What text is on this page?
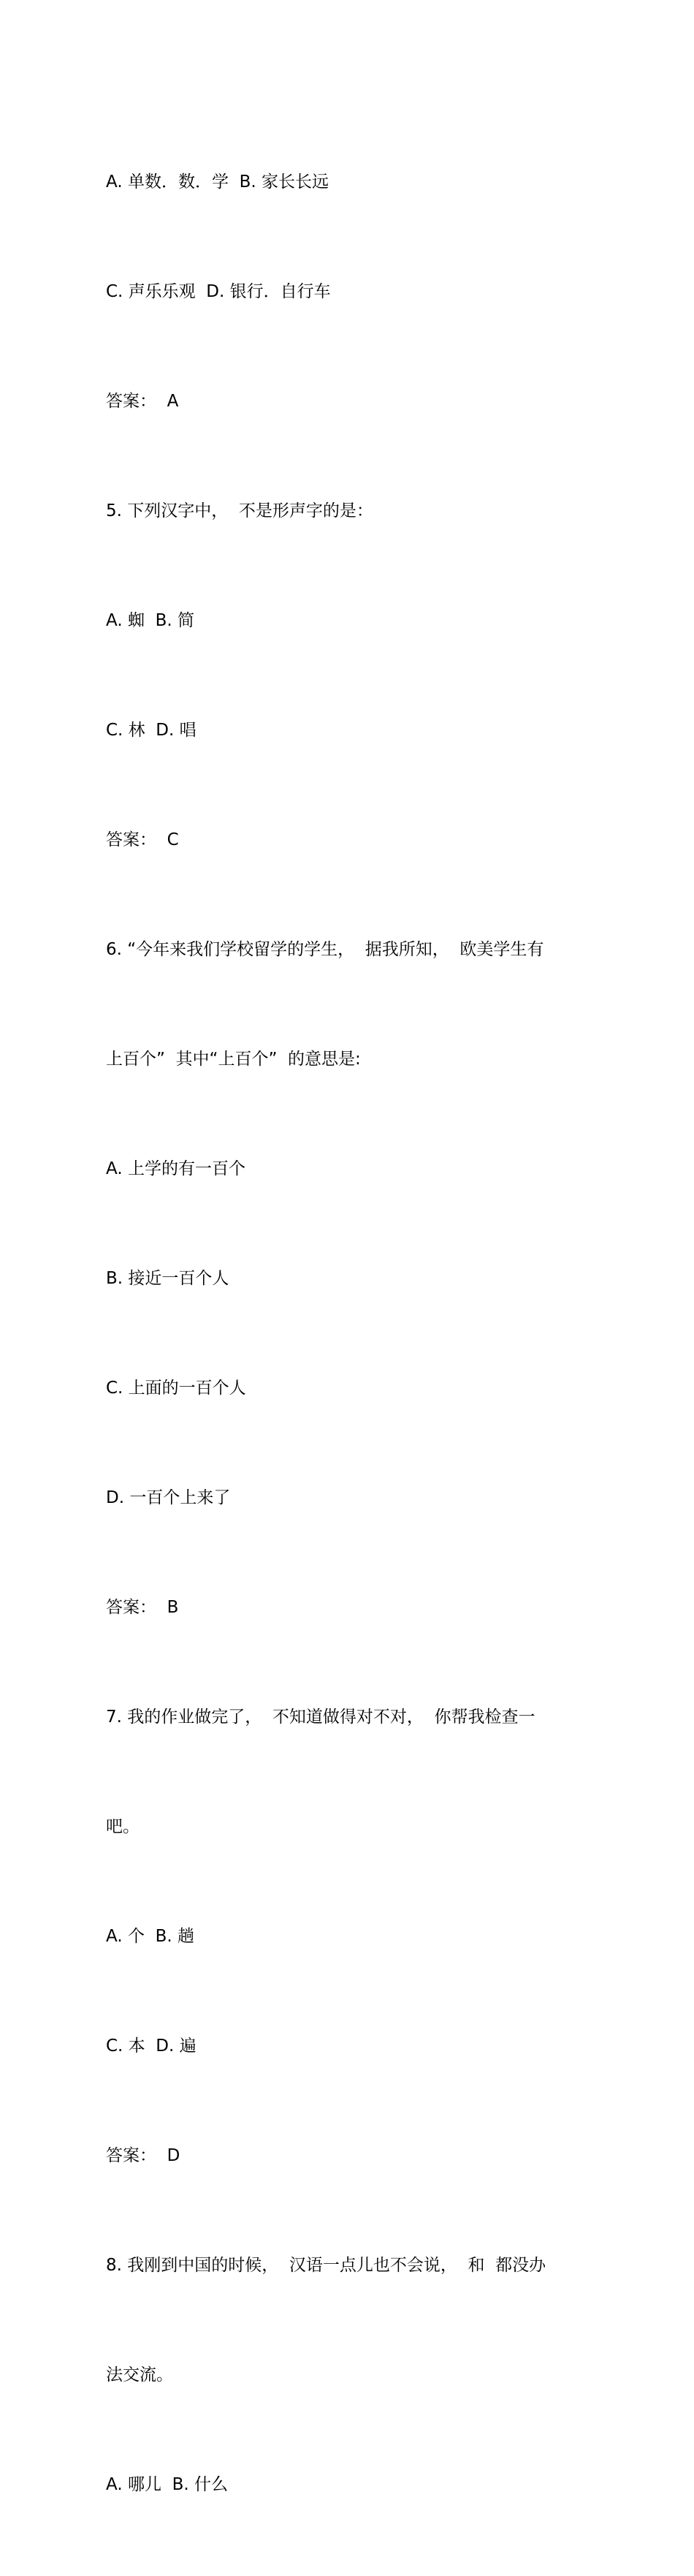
A. 单数．数．学  B. 家长长远

C. 声乐乐观  D. 银行．自行车

答案：  A

5. 下列汉字中，  不是形声字的是：

A. 蜘  B. 简

C. 林  D. 唱

答案：  C

6. “今年来我们学校留学的学生，  据我所知，  欧美学生有

上百个”  其中“上百个”  的意思是:

A. 上学的有一百个

B. 接近一百个人

C. 上面的一百个人

D. 一百个上来了

答案：  B

7. 我的作业做完了，  不知道做得对不对，  你帮我检查一

吧。

A. 个  B. 趟

C. 本  D. 遍

答案：  D

8. 我刚到中国的时候，  汉语一点儿也不会说，  和  都没办

法交流。

A. 哪儿  B. 什么
